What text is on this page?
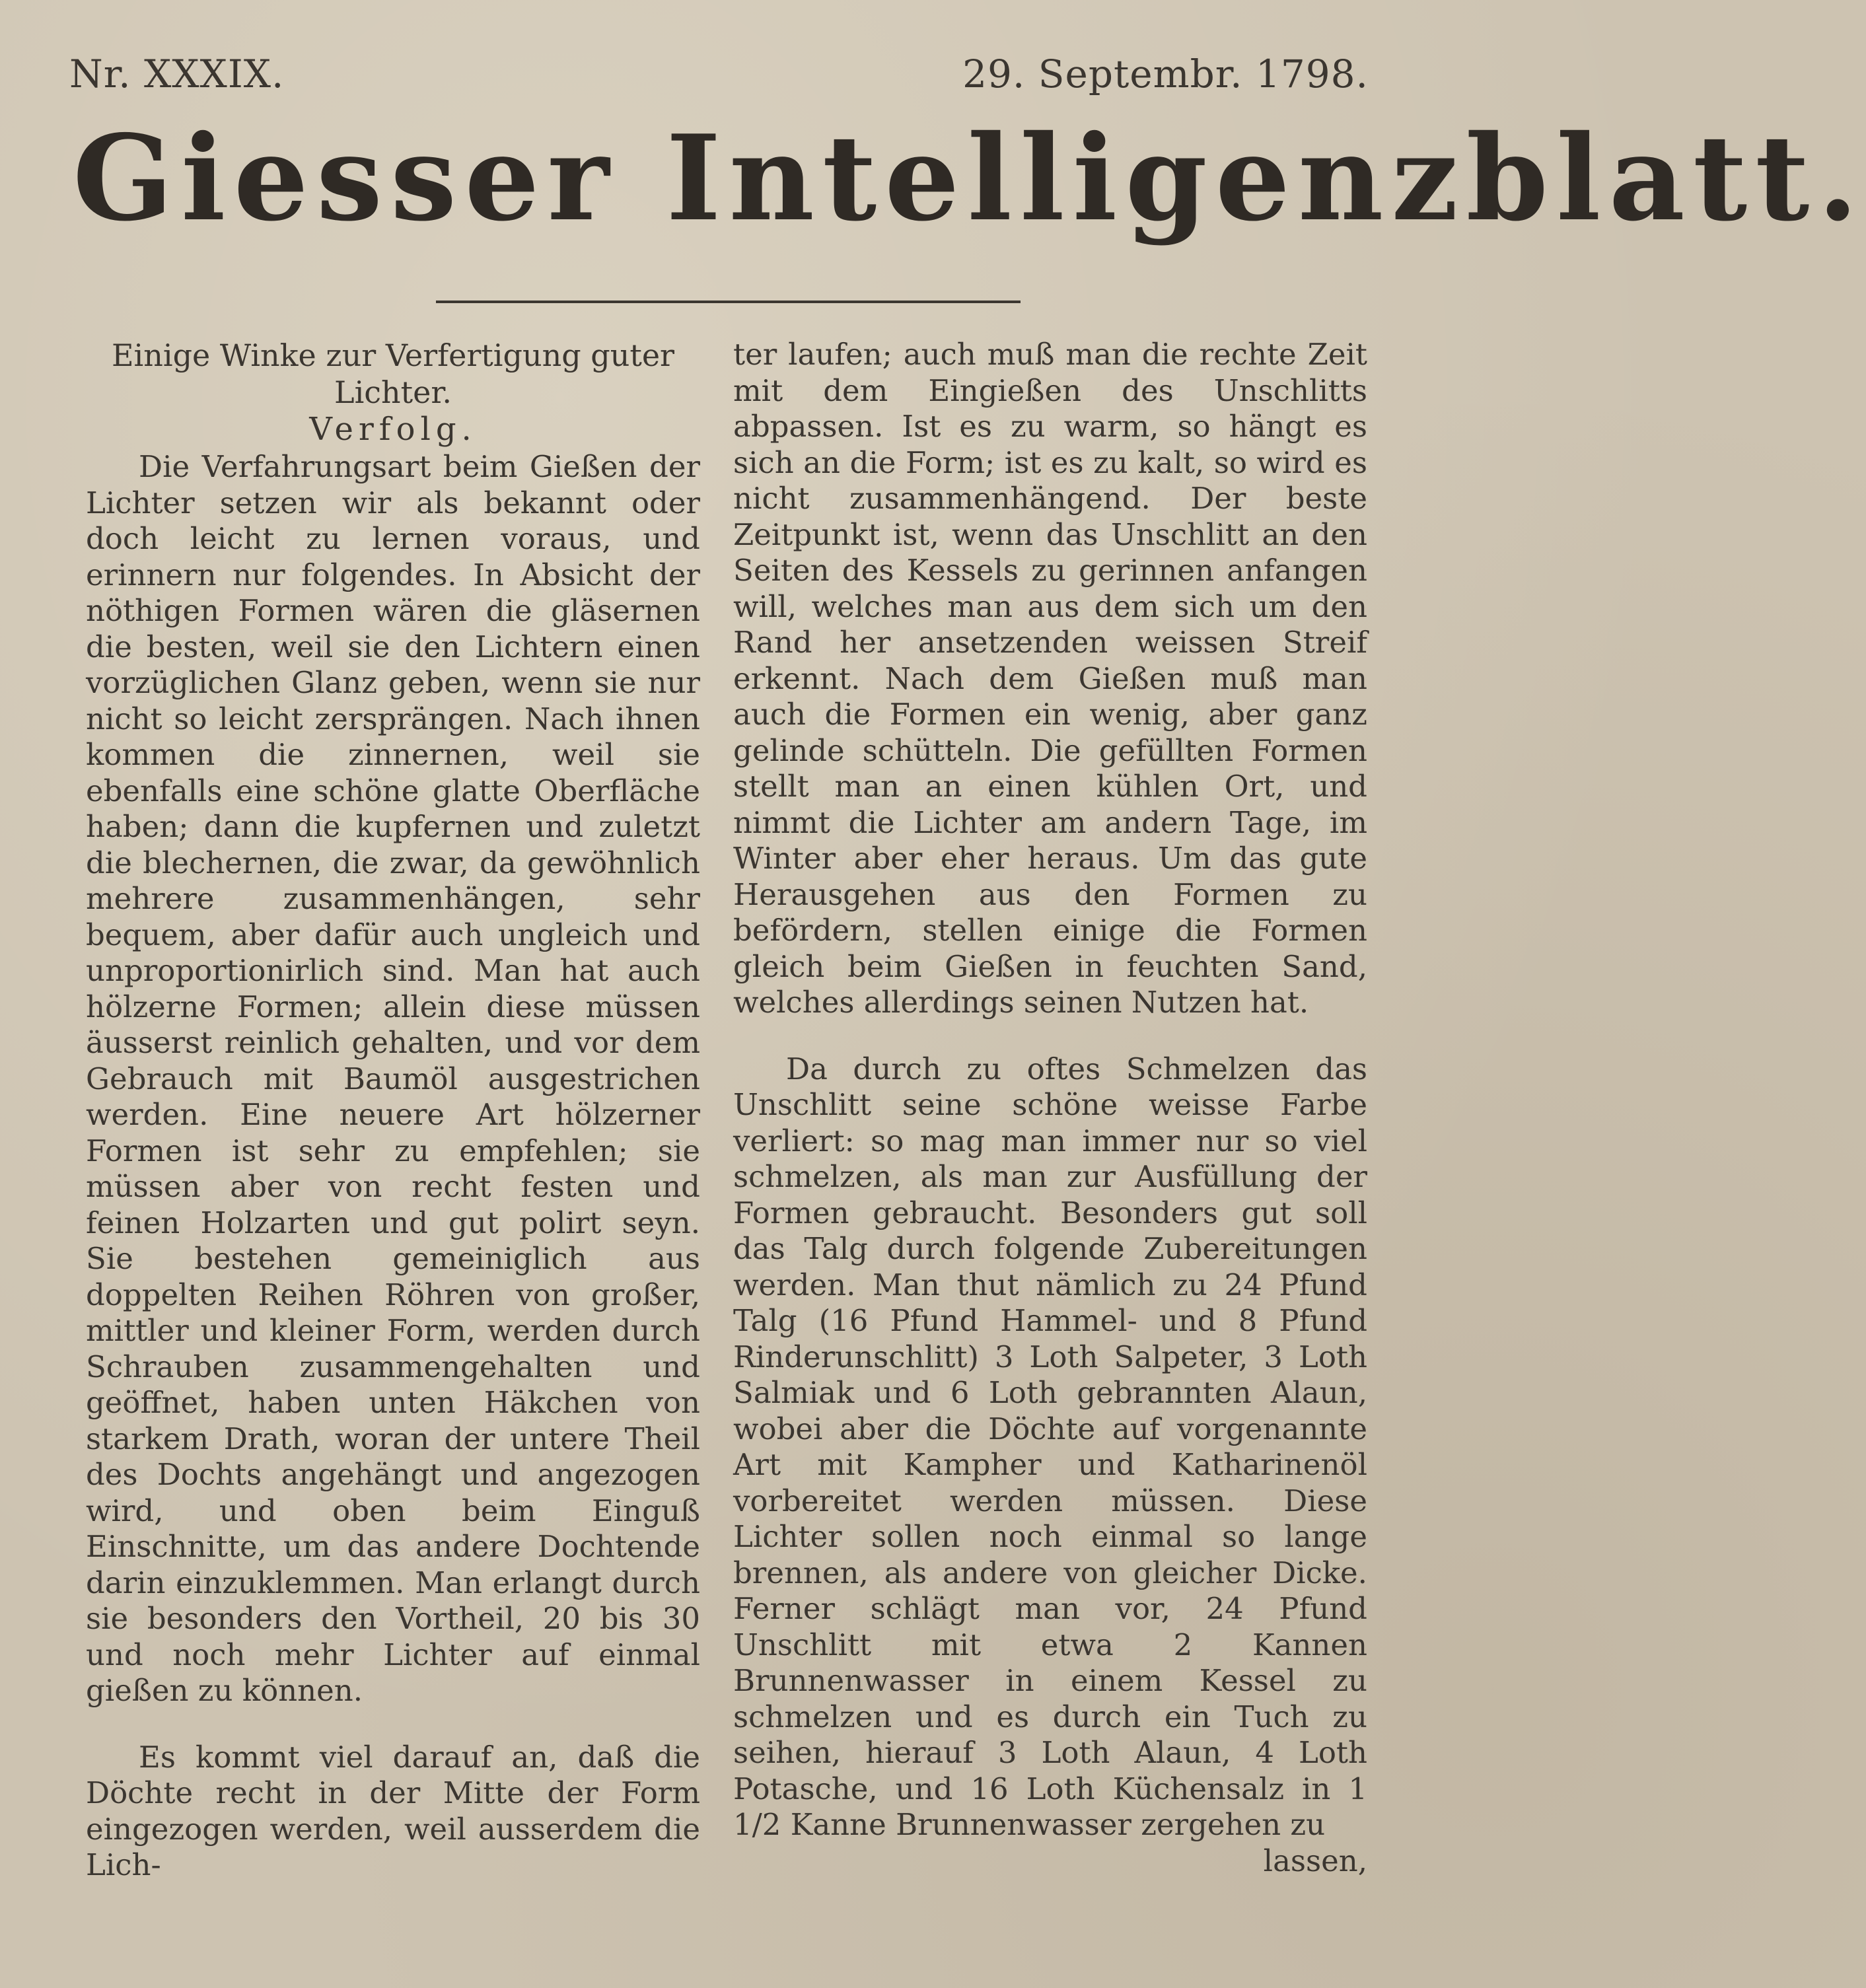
Nr. XXXIX.	29. Septembr. 1798.
Giesser Intelligenzblatt.

Einige Winke zur Verfertigung guter Lichter.

Verfolg.

Die Verfahrungsart beim Gießen der Lichter setzen wir als bekannt oder doch leicht zu lernen voraus, und erinnern nur folgendes. In Absicht der nöthigen Formen wären die gläsernen die besten, weil sie den Lichtern einen vorzüglichen Glanz geben, wenn sie nur nicht so leicht zersprängen. Nach ihnen kommen die zinnernen, weil sie ebenfalls eine schöne glatte Oberfläche haben; dann die kupfernen und zuletzt die blechernen, die zwar, da gewöhnlich mehrere zusammenhängen, sehr bequem, aber dafür auch ungleich und unproportionirlich sind. Man hat auch hölzerne Formen; allein diese müssen äusserst reinlich gehalten, und vor dem Gebrauch mit Baumöl ausgestrichen werden. Eine neuere Art hölzerner Formen ist sehr zu empfehlen; sie müssen aber von recht festen und feinen Holzarten und gut polirt seyn. Sie bestehen gemeiniglich aus doppelten Reihen Röhren von großer, mittler und kleiner Form, werden durch Schrauben zusammengehalten und geöffnet, haben unten Häkchen von starkem Drath, woran der untere Theil des Dochts angehängt und angezogen wird, und oben beim Einguß Einschnitte, um das andere Dochtende darin einzuklemmen. Man erlangt durch sie besonders den Vortheil, 20 bis 30 und noch mehr Lichter auf einmal gießen zu können.

Es kommt viel darauf an, daß die Döchte recht in der Mitte der Form eingezogen werden, weil ausserdem die Lich-

ter laufen; auch muß man die rechte Zeit mit dem Eingießen des Unschlitts abpassen. Ist es zu warm, so hängt es sich an die Form; ist es zu kalt, so wird es nicht zusammenhängend. Der beste Zeitpunkt ist, wenn das Unschlitt an den Seiten des Kessels zu gerinnen anfangen will, welches man aus dem sich um den Rand her ansetzenden weissen Streif erkennt. Nach dem Gießen muß man auch die Formen ein wenig, aber ganz gelinde schütteln. Die gefüllten Formen stellt man an einen kühlen Ort, und nimmt die Lichter am andern Tage, im Winter aber eher heraus. Um das gute Herausgehen aus den Formen zu befördern, stellen einige die Formen gleich beim Gießen in feuchten Sand, welches allerdings seinen Nutzen hat.

Da durch zu oftes Schmelzen das Unschlitt seine schöne weisse Farbe verliert: so mag man immer nur so viel schmelzen, als man zur Ausfüllung der Formen gebraucht. Besonders gut soll das Talg durch folgende Zubereitungen werden. Man thut nämlich zu 24 Pfund Talg (16 Pfund Hammel- und 8 Pfund Rinderunschlitt) 3 Loth Salpeter, 3 Loth Salmiak und 6 Loth gebrannten Alaun, wobei aber die Döchte auf vorgenannte Art mit Kampher und Katharinenöl vorbereitet werden müssen. Diese Lichter sollen noch einmal so lange brennen, als andere von gleicher Dicke. Ferner schlägt man vor, 24 Pfund Unschlitt mit etwa 2 Kannen Brunnenwasser in einem Kessel zu schmelzen und es durch ein Tuch zu seihen, hierauf 3 Loth Alaun, 4 Loth Potasche, und 16 Loth Küchensalz in 1 1/2 Kanne Brunnenwasser zergehen zu

lassen,
